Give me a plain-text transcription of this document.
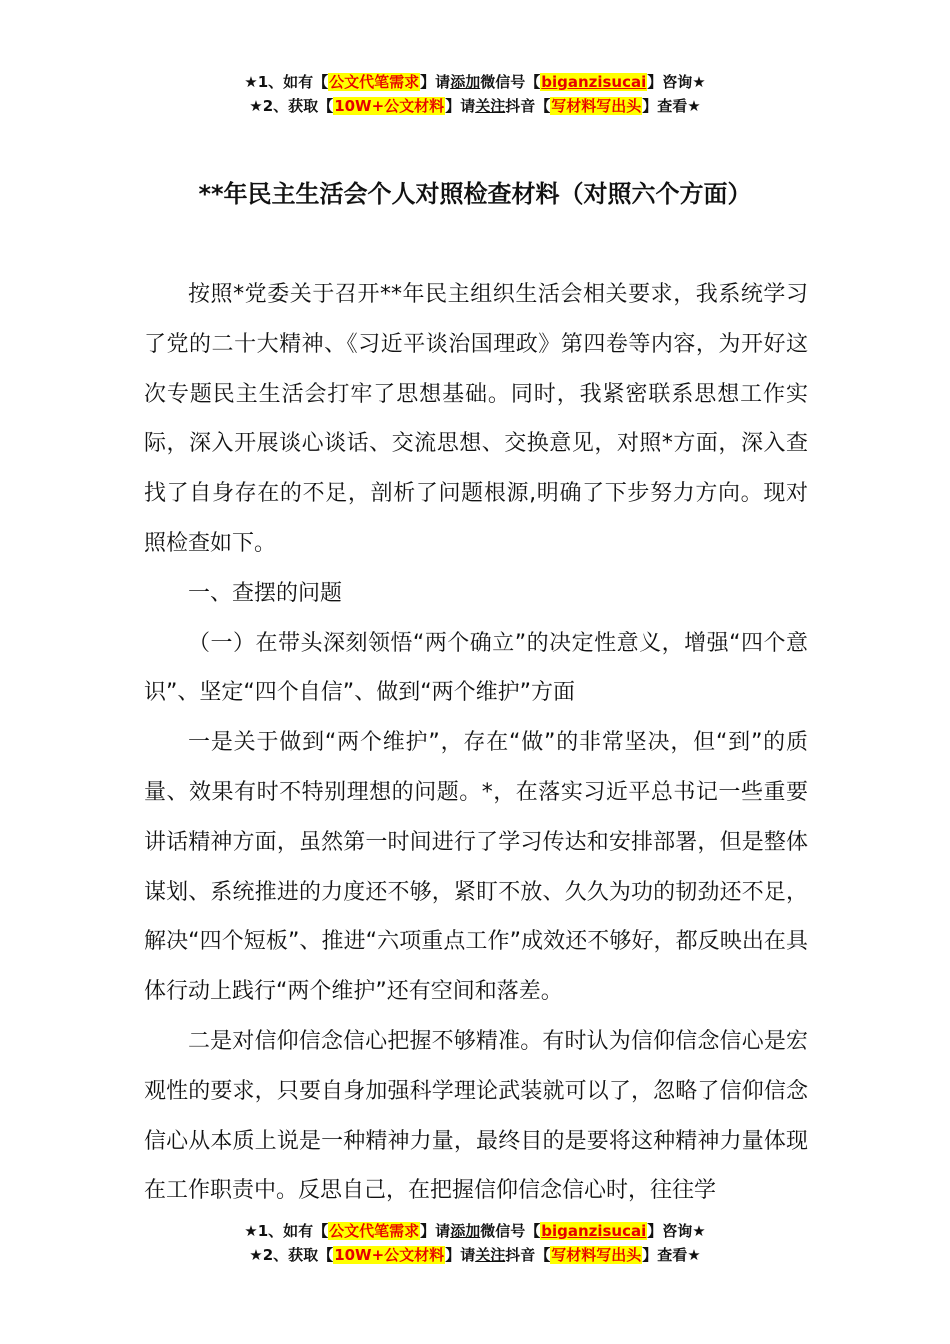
★1、如有【公文代笔需求】请添加微信号【biganzisucai】咨询★
★2、获取【10W+公文材料】请关注抖音【写材料写出头】查看★
**年民主生活会个人对照检查材料（对照六个方面）

按照*党委关于召开**年民主组织生活会相关要求，我系统学习了党的二十大精神、《习近平谈治国理政》第四卷等内容，为开好这次专题民主生活会打牢了思想基础。同时，我紧密联系思想工作实际，深入开展谈心谈话、交流思想、交换意见，对照*方面，深入查找了自身存在的不足，剖析了问题根源,明确了下步努力方向。现对照检查如下。

一、查摆的问题

（一）在带头深刻领悟“两个确立”的决定性意义，增强“四个意识”、坚定“四个自信”、做到“两个维护”方面

一是关于做到“两个维护”，存在“做”的非常坚决，但“到”的质量、效果有时不特别理想的问题。*，在落实习近平总书记一些重要讲话精神方面，虽然第一时间进行了学习传达和安排部署，但是整体谋划、系统推进的力度还不够，紧盯不放、久久为功的韧劲还不足，解决“四个短板”、推进“六项重点工作”成效还不够好，都反映出在具体行动上践行“两个维护”还有空间和落差。

二是对信仰信念信心把握不够精准。有时认为信仰信念信心是宏观性的要求，只要自身加强科学理论武装就可以了，忽略了信仰信念信心从本质上说是一种精神力量，最终目的是要将这种精神力量体现在工作职责中。反思自己，在把握信仰信念信心时，往往学

★1、如有【公文代笔需求】请添加微信号【biganzisucai】咨询★
★2、获取【10W+公文材料】请关注抖音【写材料写出头】查看★
